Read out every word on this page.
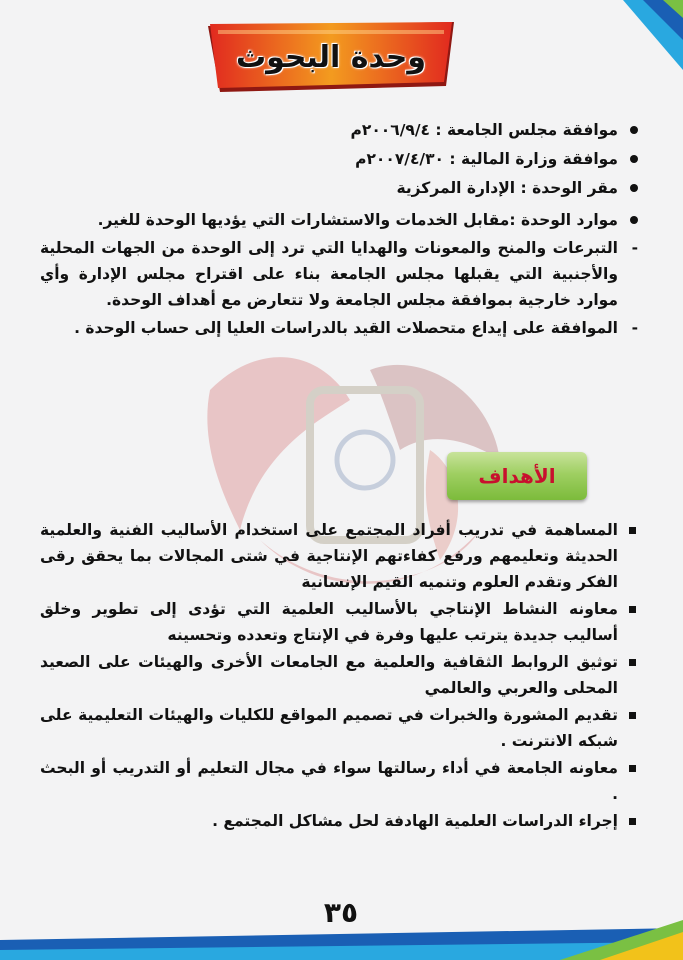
وحدة البحوث

موافقة مجلس الجامعة : ٢٠٠٦/٩/٤م

موافقة وزارة المالية : ٢٠٠٧/٤/٣٠م

مقر الوحدة : الإدارة المركزية

موارد الوحدة :مقابل الخدمات والاستشارات التي يؤديها الوحدة للغير.

-
التبرعات والمنح والمعونات والهدايا التي ترد إلى الوحدة من الجهات المحلية والأجنبية التي يقبلها مجلس الجامعة بناء على اقتراح مجلس الإدارة وأي موارد خارجية بموافقة مجلس الجامعة ولا تتعارض مع أهداف الوحدة.

-
الموافقة على إيداع متحصلات القيد بالدراسات العليا إلى حساب الوحدة .

الأهداف

المساهمة في تدريب أفراد المجتمع على استخدام الأساليب الفنية والعلمية الحديثة وتعليمهم ورفع كفاءتهم الإنتاجية في شتى المجالات بما يحقق رقى الفكر وتقدم العلوم وتنميه القيم الإنسانية

معاونه النشاط الإنتاجي بالأساليب العلمية التي تؤدى إلى تطوير وخلق أساليب جديدة يترتب عليها وفرة في الإنتاج وتعدده وتحسينه

توثيق الروابط الثقافية والعلمية مع الجامعات الأخرى والهيئات على الصعيد المحلى والعربي والعالمي

تقديم المشورة والخبرات في تصميم المواقع للكليات والهيئات التعليمية على شبكه الانترنت .

معاونه الجامعة في أداء رسالتها سواء في مجال التعليم أو التدريب أو البحث .

إجراء الدراسات العلمية الهادفة لحل مشاكل المجتمع .

٣٥
